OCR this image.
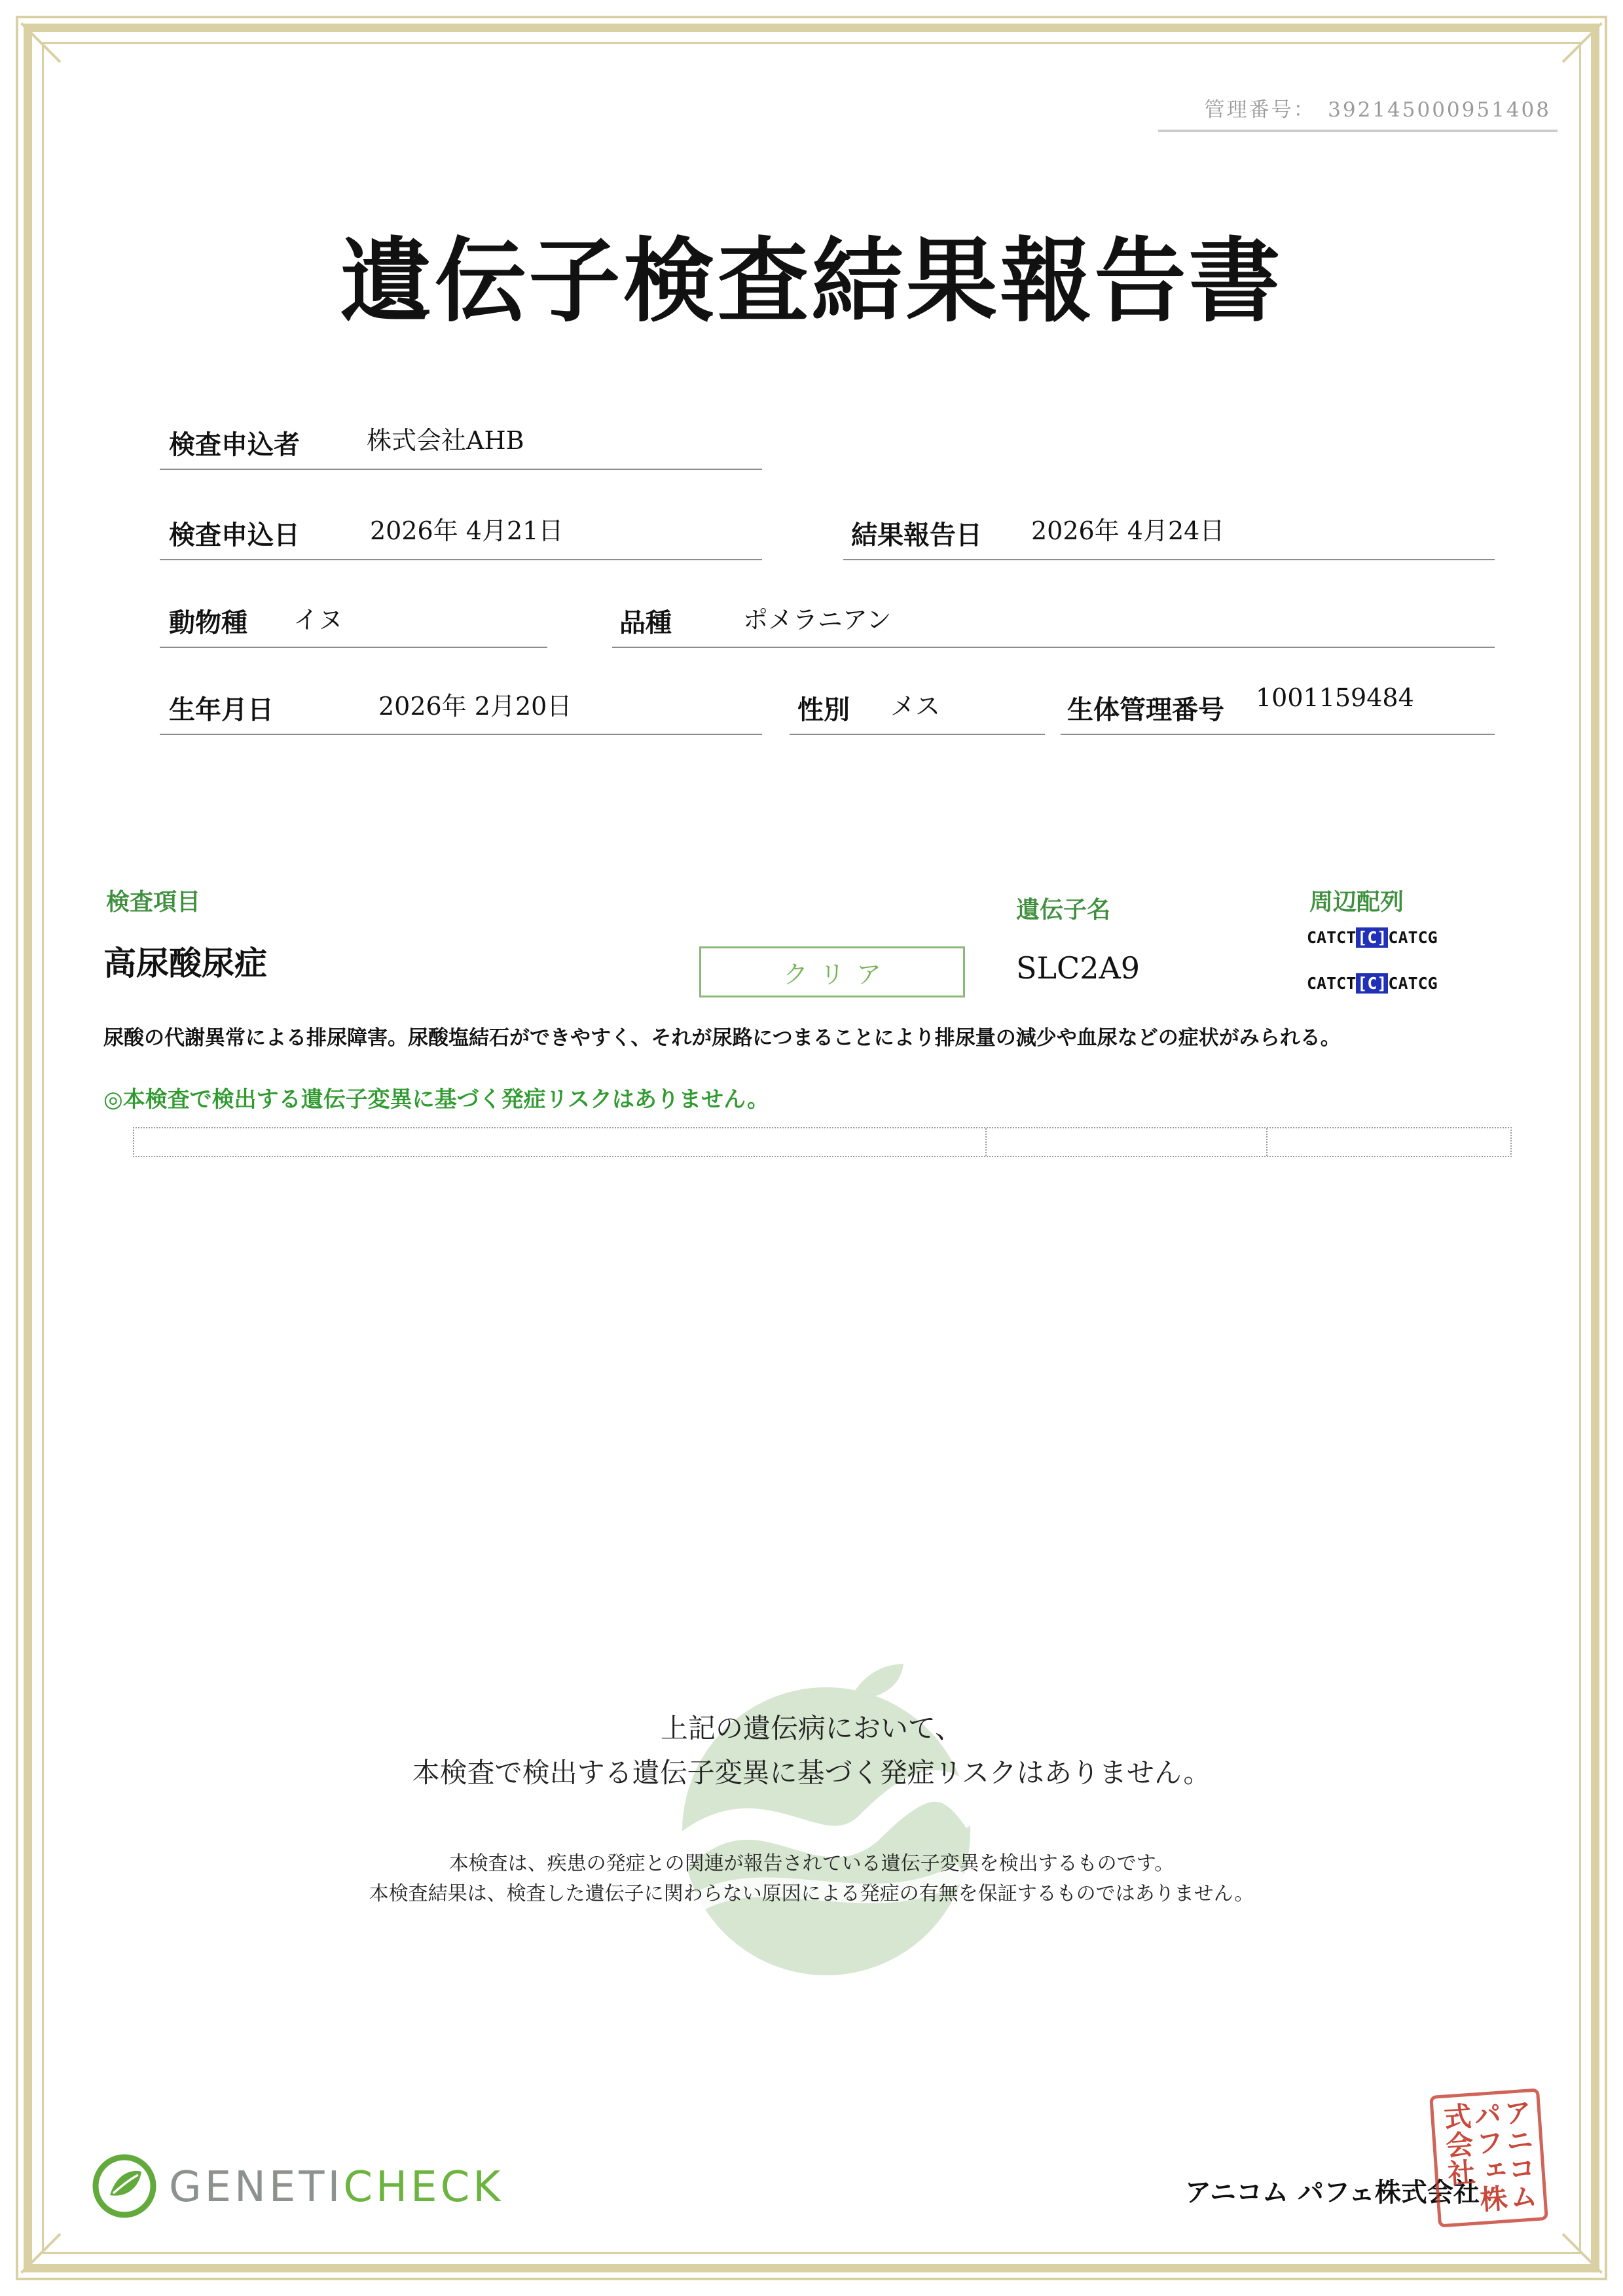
管理番号：　 392145000951408
遺伝子検査結果報告書
検査申込者	株式会社AHB
検査申込日	2026年 4月21日	結果報告日 2026年 4月24日
動物種 イヌ	品種	ポメラニアン
生年月日	2026年 2月20日	性別 メス	生体管理番号 1001159484
検査項目	遺伝子名	周辺配列
高尿酸尿症	クリア	SLC2A9
CATCT[C]CATCG
CATCT[C]CATCG
尿酸の代謝異常による排尿障害。尿酸塩結石ができやすく、それが尿路につまることにより排尿量の減少や血尿などの症状がみられる。
◎本検査で検出する遺伝子変異に基づく発症リスクはありません。
上記の遺伝病において、
本検査で検出する遺伝子変異に基づく発症リスクはありません。
本検査は、疾患の発症との関連が報告されている遺伝子変異を検出するものです。
本検査結果は、検査した遺伝子に関わらない原因による発症の有無を保証するものではありません。
GENETICHECK	アニコム パフェ株式会社 アニコムパフェ株式会社
